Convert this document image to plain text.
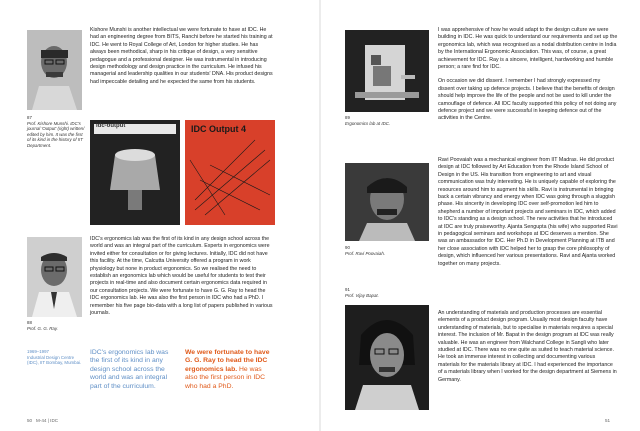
Kishore Munshi is another intellectual we were fortunate to have at IDC. He had an engineering degree from BITS, Ranchi before he started his training at IDC. He went to Royal College of Art, London for higher studies. He has always been methodical, sharp in his critique of design, a very sensitive pedagogue and a professional designer. He was instrumental in introducing design methodology and design practice in the curriculum. He infused his managerial and leadership qualities in our students' DNA. His product designs had impeccable detailing and he expected the same from his students.

87
Prof. Kishore Munshi. IDC's journal 'Output' (right) written/ edited by him. It was the first of its kind in the history of IIT Department.
idc-output	IDC Output 4

IDC's ergonomics lab was the first of its kind in any design school across the world and was an integral part of the curriculum. Experts in ergonomics were invited either for consultation or for giving lectures. Initially, IDC did not have this facility. At the time, Calcutta University offered a program in work physiology but none in product ergonomics. So we realised the need to establish an ergonomics lab which would be useful for students to test their projects in real-time and also document certain ergonomics data required in our consultation projects. We were fortunate to have G. G. Ray to head the IDC ergonomics lab. He was also the first person in IDC who had a PhD. I remember his five page bio-data with a long list of papers published in various journals.

88
Prof. G. G. Ray.
1969–1997
Industrial Design Centre (IDC), IIT Bombay, Mumbai.
IDC's ergonomics lab was the first of its kind in any design school across the world and was an integral part of the curriculum.
We were fortunate to have G. G. Ray to head the IDC ergonomics lab. He was also the first person in IDC who had a PhD.
50 M-44 | IDC

I was apprehensive of how he would adapt to the design culture we were building in IDC. He was quick to understand our requirements and set up the ergonomics lab, which was recognised as a nodal distribution centre in India by the International Ergonomic Association. This was, of course, a great achievement for IDC. Ray is a sincere, intelligent, hardworking and humble person; a rare find for IDC.

On occasion we did dissent. I remember I had strongly expressed my dissent over taking up defence projects. I believe that the benefits of design should help improve the life of the people and not be used to kill under the camouflage of defence. All IDC faculty supported this policy of not doing any defence project and we were successful in keeping defence out of the activities in the Centre.

89
Ergonomics lab at IDC.

Ravi Poovaiah was a mechanical engineer from IIT Madras. He did product design at IDC followed by Art Education from the Rhode Island School of Design in the US. His transition from engineering to art and visual communication was truly interesting. He is uniquely capable of exploring the resources around him to augment his skills. Ravi is instrumental in bringing back a certain vibrancy and energy when IDC was going through a sluggish phase. His sincerity in developing IDC over self-promotion led him to shepherd a number of important projects and seminars in IDC, which added to IDC's standing as a design school. The new activities that he introduced at IDC are truly praiseworthy. Ajanta Sengupta (his wife) who supported Ravi in pedagogical seminars and workshops at IDC deserves a mention. She was an ambassador for IDC. Her Ph.D in Development Planning at ITB and her close association with IDC helped her to grasp the core philosophy of design, which influenced her various presentations. Ravi and Ajanta worked together on many projects.

90
Prof. Ravi Poovaiah.
91
Prof. Vijay Bapat.

An understanding of materials and production processes are essential elements of a product design program. Usually most design faculty have understanding of materials, but to specialise in materials requires a special interest. The inclusion of Mr. Bapat in the design program at IDC was really valuable. He was an engineer from Walchand College in Sangli who later studied at IDC. There was no one quite as suited to teach material science. He took an immense interest in collecting and documenting various materials for the materials library at IDC. I had experienced the importance of a materials library when I worked for the design department at Siemens in Germany.

51
